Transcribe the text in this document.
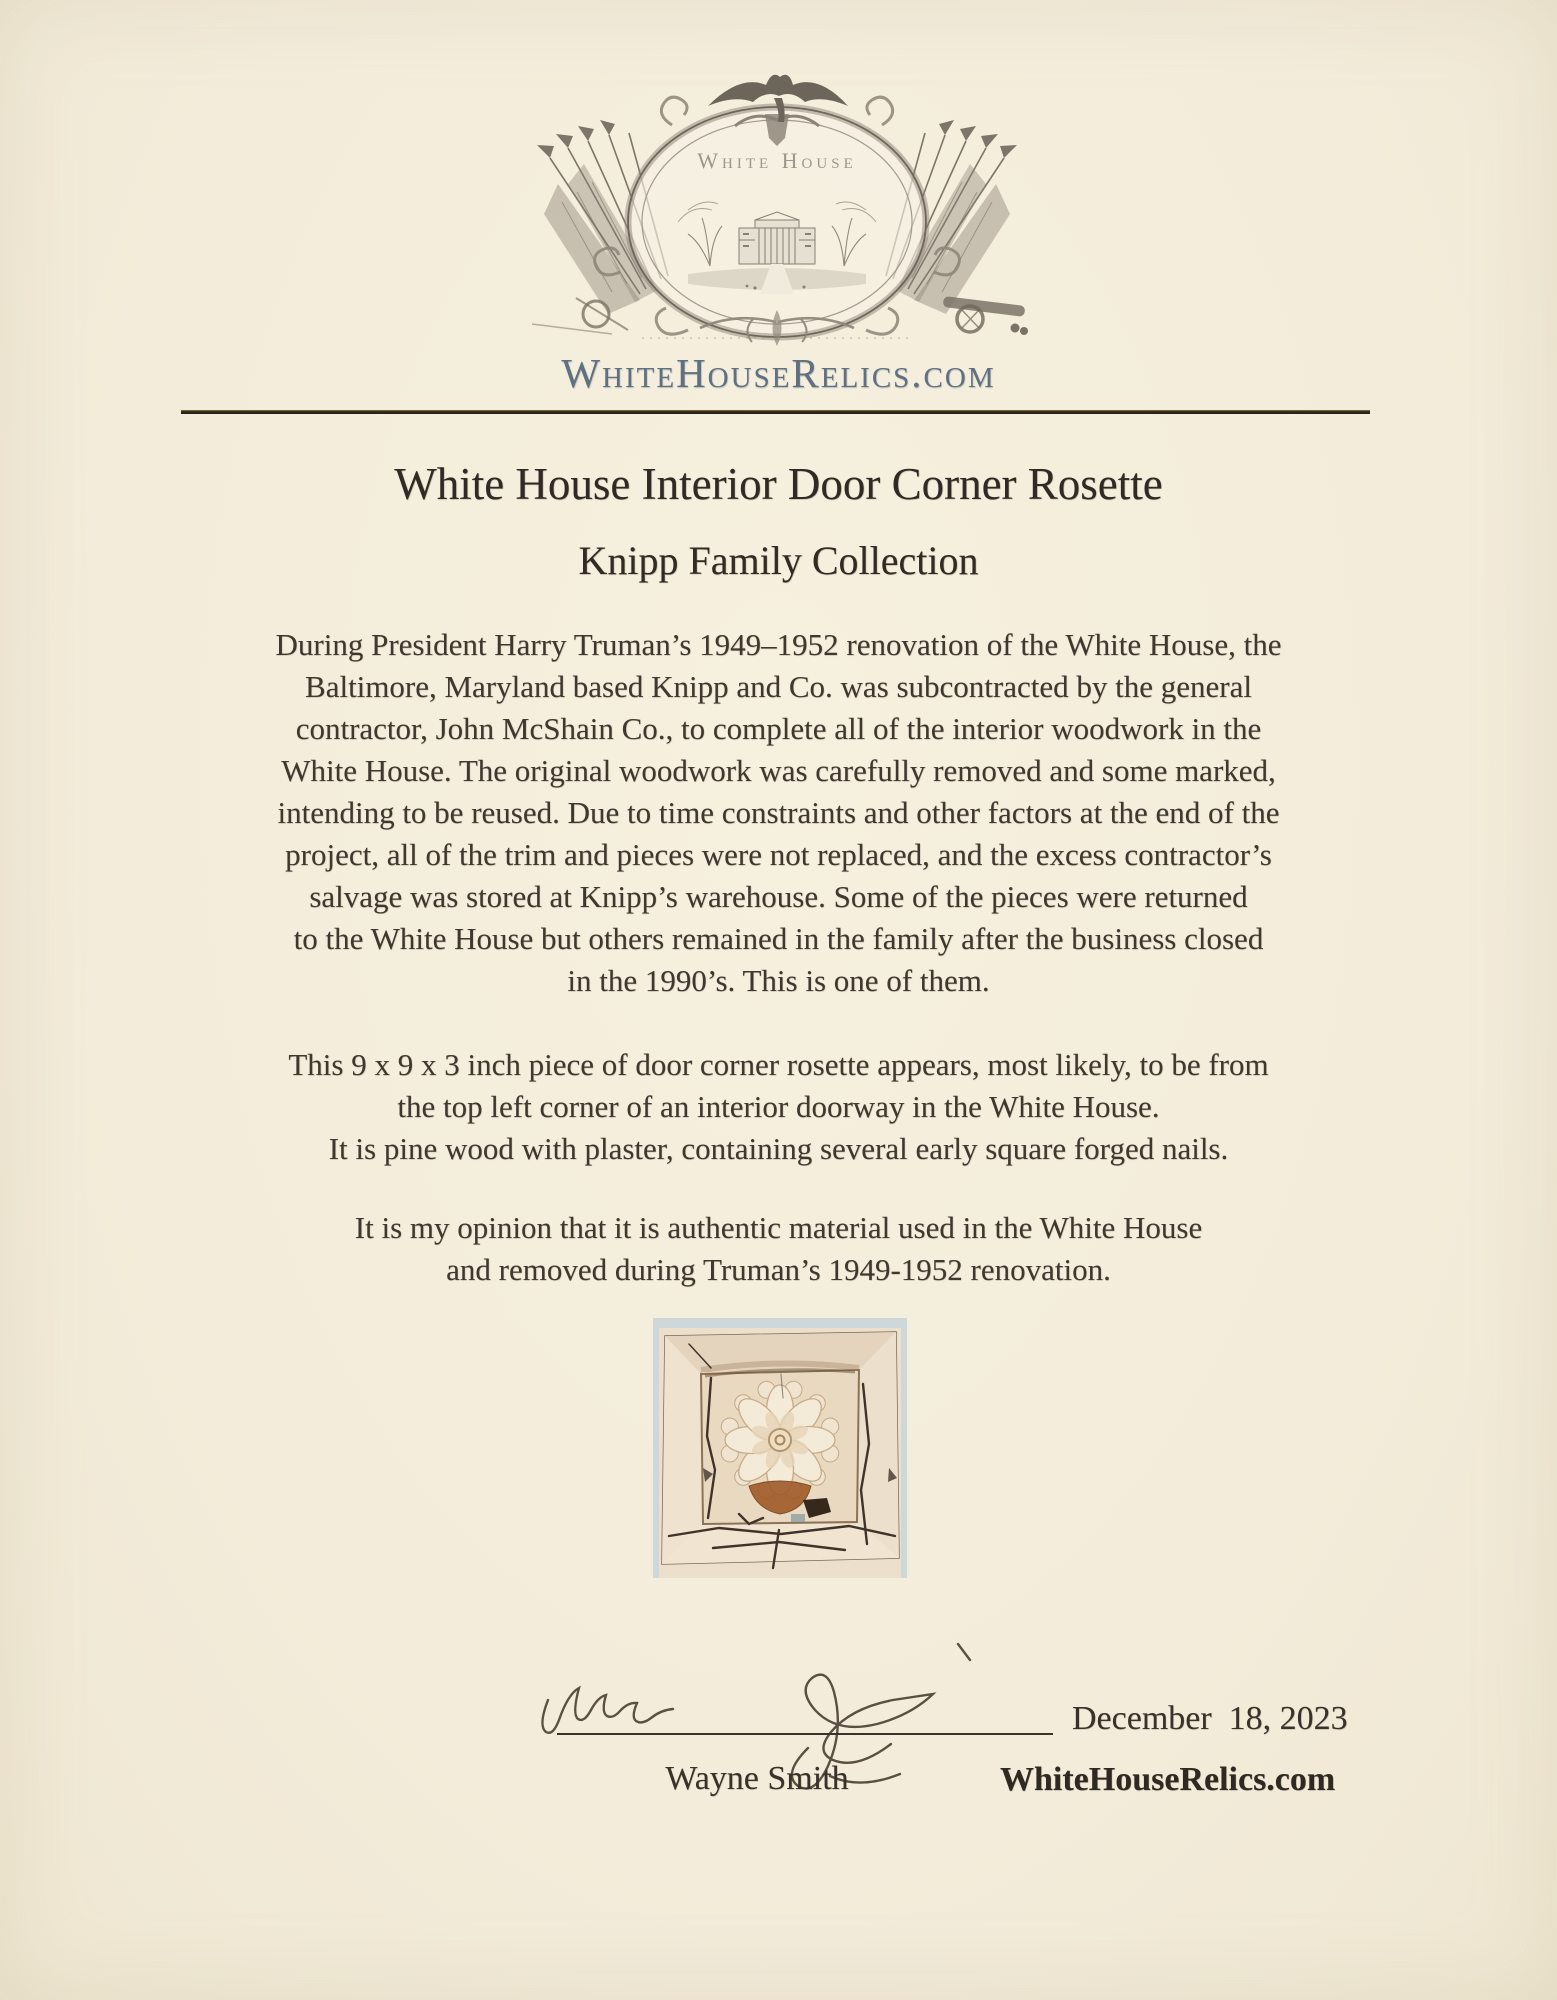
White House
WhiteHouseRelics.com
White House Interior Door Corner Rosette
Knipp Family Collection
During President Harry Truman’s 1949–1952 renovation of the White House, the
Baltimore, Maryland based Knipp and Co. was subcontracted by the general
contractor, John McShain Co., to complete all of the interior woodwork in the
White House. The original woodwork was carefully removed and some marked,
intending to be reused. Due to time constraints and other factors at the end of the
project, all of the trim and pieces were not replaced, and the excess contractor’s
salvage was stored at Knipp’s warehouse. Some of the pieces were returned
to the White House but others remained in the family after the business closed
in the 1990’s. This is one of them.
This 9 x 9 x 3 inch piece of door corner rosette appears, most likely, to be from
the top left corner of an interior doorway in the White House.
It is pine wood with plaster, containing several early square forged nails.
It is my opinion that it is authentic material used in the White House
and removed during Truman’s 1949-1952 renovation.
December  18, 2023
Wayne Smith	WhiteHouseRelics.com
